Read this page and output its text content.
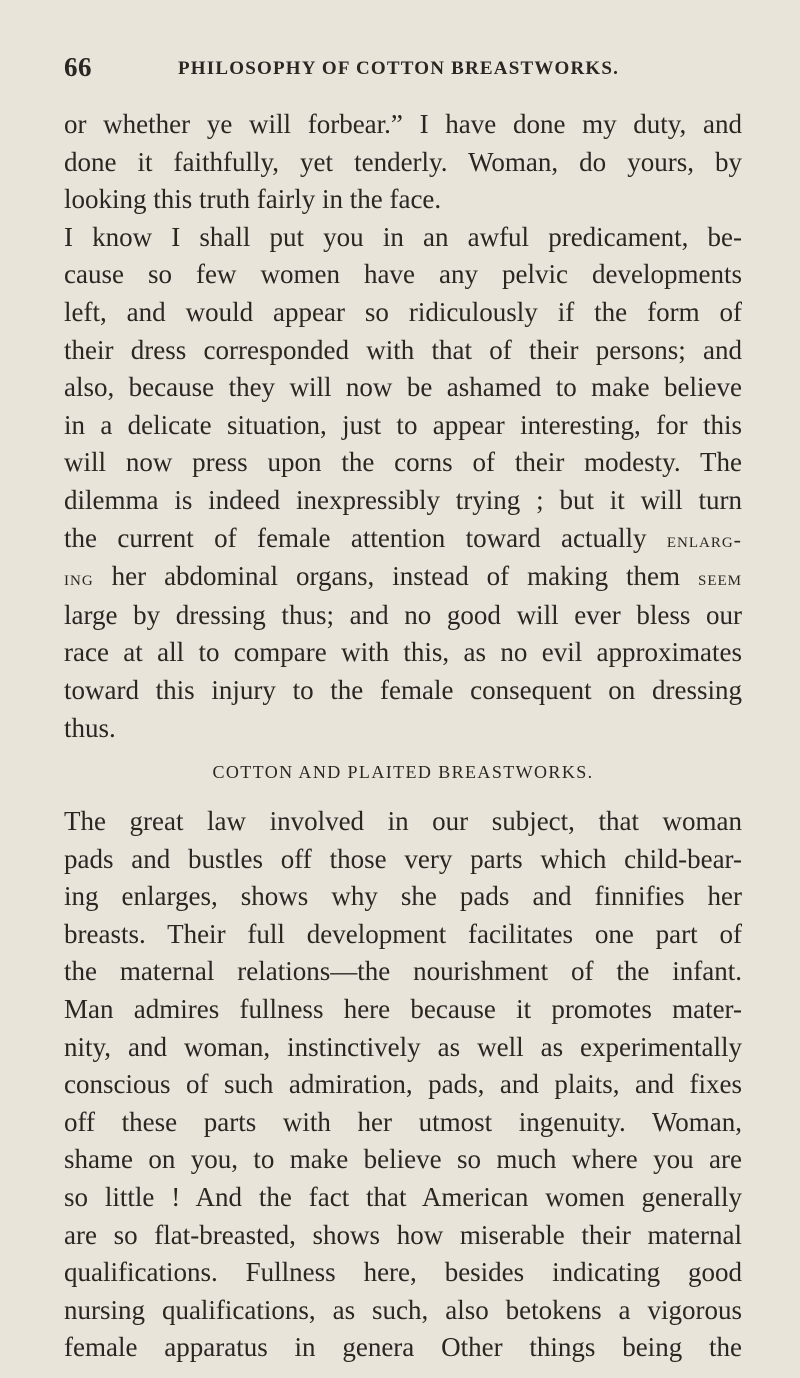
66	PHILOSOPHY OF COTTON BREASTWORKS.

or whether ye will forbear.” I have done my duty, and
done it faithfully, yet tenderly. Woman, do yours, by
looking this truth fairly in the face.

I know I shall put you in an awful predicament, be-
cause so few women have any pelvic developments
left, and would appear so ridiculously if the form of
their dress corresponded with that of their persons; and
also, because they will now be ashamed to make believe
in a delicate situation, just to appear interesting, for this
will now press upon the corns of their modesty. The
dilemma is indeed inexpressibly trying ; but it will turn
the current of female attention toward actually enlarg-
ing her abdominal organs, instead of making them seem
large by dressing thus; and no good will ever bless our
race at all to compare with this, as no evil approximates
toward this injury to the female consequent on dressing
thus.

COTTON AND PLAITED BREASTWORKS.

The great law involved in our subject, that woman
pads and bustles off those very parts which child-bear-
ing enlarges, shows why she pads and finnifies her
breasts. Their full development facilitates one part of
the maternal relations—the nourishment of the infant.
Man admires fullness here because it promotes mater-
nity, and woman, instinctively as well as experimentally
conscious of such admiration, pads, and plaits, and fixes
off these parts with her utmost ingenuity. Woman,
shame on you, to make believe so much where you are
so little ! And the fact that American women generally
are so flat-breasted, shows how miserable their maternal
qualifications. Fullness here, besides indicating good
nursing qualifications, as such, also betokens a vigorous
female apparatus in genera Other things being the
